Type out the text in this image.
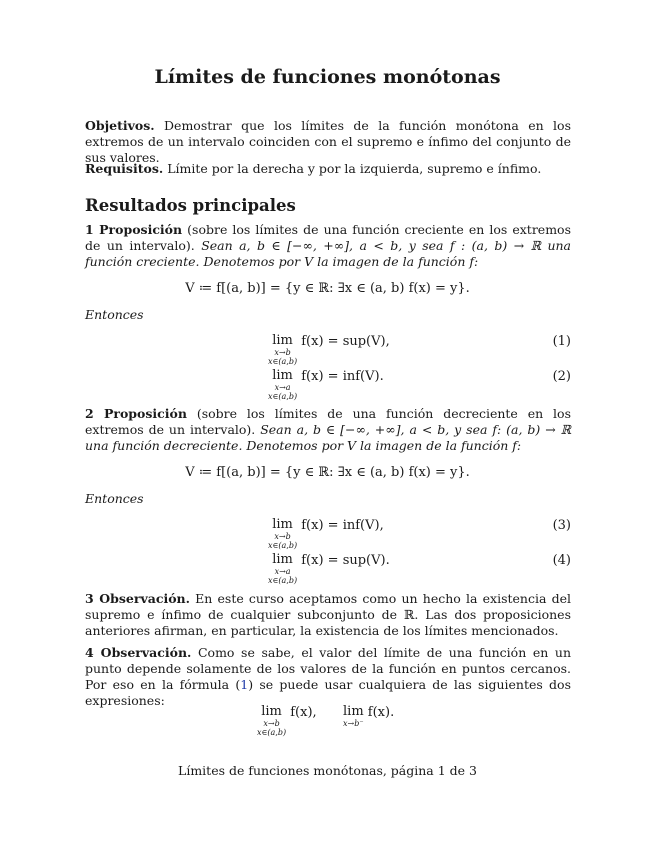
Límites de funciones monótonas
Objetivos. Demostrar que los límites de la función monótona en los extremos de un intervalo coinciden con el supremo e ínfimo del conjunto de sus valores.
Requisitos. Límite por la derecha y por la izquierda, supremo e ínfimo.
Resultados principales
1 Proposición (sobre los límites de una función creciente en los extremos de un intervalo). Sean a, b ∈ [−∞, +∞], a < b, y sea f : (a, b) → ℝ una función creciente. Denotemos por V la imagen de la función f:
V ≔ f[(a, b)] = {y ∈ ℝ: ∃x ∈ (a, b) f(x) = y}.
Entonces
lim
x→b
x∈(a,b)
f(x) = sup(V),	(1)
lim
x→a
x∈(a,b)
f(x) = inf(V).	(2)
2 Proposición (sobre los límites de una función decreciente en los extremos de un intervalo). Sean a, b ∈ [−∞, +∞], a < b, y sea f: (a, b) → ℝ una función decreciente. Denotemos por V la imagen de la función f:
V ≔ f[(a, b)] = {y ∈ ℝ: ∃x ∈ (a, b) f(x) = y}.
Entonces
lim
x→b
x∈(a,b)
f(x) = inf(V),	(3)
lim
x→a
x∈(a,b)
f(x) = sup(V).	(4)
3 Observación. En este curso aceptamos como un hecho la existencia del supremo e ínfimo de cualquier subconjunto de ℝ. Las dos proposiciones anteriores afirman, en particular, la existencia de los límites mencionados.
4 Observación. Como se sabe, el valor del límite de una función en un punto depende solamente de los valores de la función en puntos cercanos. Por eso en la fórmula (1) se puede usar cualquiera de las siguientes dos expresiones:
lim
x→b
x∈(a,b)
f(x), lim
x→b⁻
f(x).
Límites de funciones monótonas, página 1 de 3
